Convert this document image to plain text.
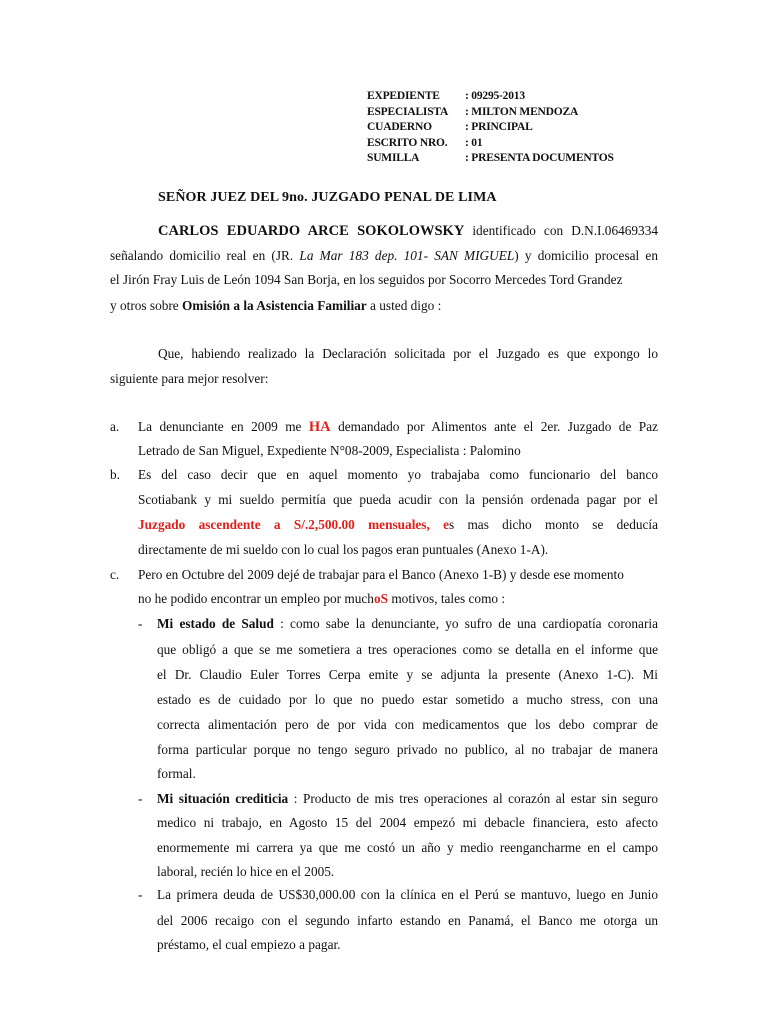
EXPEDIENTE	: 09295-2013
ESPECIALISTA	: MILTON MENDOZA
CUADERNO	: PRINCIPAL
ESCRITO NRO.	: 01
SUMILLA	: PRESENTA DOCUMENTOS
SEÑOR JUEZ DEL 9no. JUZGADO PENAL DE LIMA
CARLOS EDUARDO ARCE SOKOLOWSKY identificado con D.N.I.06469334
señalando domicilio real en (JR. La Mar 183 dep. 101- SAN MIGUEL) y domicilio procesal en
el Jirón Fray Luis de León 1094 San Borja, en los seguidos por Socorro Mercedes Tord Grandez
y otros sobre Omisión a la Asistencia Familiar a usted digo :
Que, habiendo realizado la Declaración solicitada por el Juzgado es que expongo lo
siguiente para mejor resolver:
a. La denunciante en 2009 me HA demandado por Alimentos ante el 2er. Juzgado de Paz
Letrado de San Miguel, Expediente N°08-2009, Especialista : Palomino
b. Es del caso decir que en aquel momento yo trabajaba como funcionario del banco
Scotiabank y mi sueldo permitía que pueda acudir con la pensión ordenada pagar por el
Juzgado ascendente a S/.2,500.00 mensuales, es mas dicho monto se deducía
directamente de mi sueldo con lo cual los pagos eran puntuales (Anexo 1-A).
c. Pero en Octubre del 2009 dejé de trabajar para el Banco (Anexo 1-B) y desde ese momento
no he podido encontrar un empleo por muchoS motivos, tales como :
- Mi estado de Salud : como sabe la denunciante, yo sufro de una cardiopatía coronaria
que obligó a que se me sometiera a tres operaciones como se detalla en el informe que
el Dr. Claudio Euler Torres Cerpa emite y se adjunta la presente (Anexo 1-C). Mi
estado es de cuidado por lo que no puedo estar sometido a mucho stress, con una
correcta alimentación pero de por vida con medicamentos que los debo comprar de
forma particular porque no tengo seguro privado no publico, al no trabajar de manera
formal.
- Mi situación crediticia : Producto de mis tres operaciones al corazón al estar sin seguro
medico ni trabajo, en Agosto 15 del 2004 empezó mi debacle financiera, esto afecto
enormemente mi carrera ya que me costó un año y medio reengancharme en el campo
laboral, recién lo hice en el 2005.
- La primera deuda de US$30,000.00 con la clínica en el Perú se mantuvo, luego en Junio
del 2006 recaigo con el segundo infarto estando en Panamá, el Banco me otorga un
préstamo, el cual empiezo a pagar.
